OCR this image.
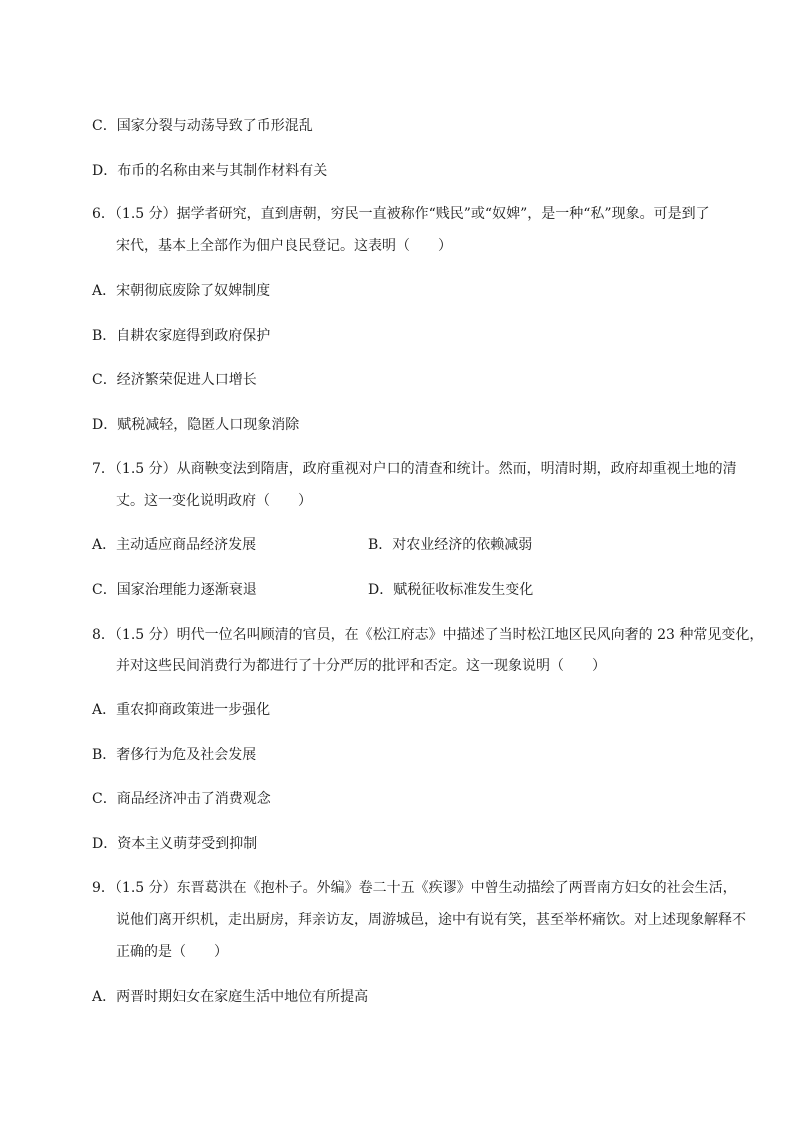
C．国家分裂与动荡导致了币形混乱
D．布币的名称由来与其制作材料有关
6．（1.5 分）据学者研究，直到唐朝，穷民一直被称作“贱民”或“奴婢”，是一种“私”现象。可是到了
宋代，基本上全部作为佃户良民登记。这表明（　　）
A．宋朝彻底废除了奴婢制度
B．自耕农家庭得到政府保护
C．经济繁荣促进人口增长
D．赋税减轻，隐匿人口现象消除
7．（1.5 分）从商鞅变法到隋唐，政府重视对户口的清查和统计。然而，明清时期，政府却重视土地的清
丈。这一变化说明政府（　　）
A．主动适应商品经济发展	B．对农业经济的依赖减弱
C．国家治理能力逐渐衰退	D．赋税征收标准发生变化
8．（1.5 分）明代一位名叫顾清的官员，在《松江府志》中描述了当时松江地区民风向奢的 23 种常见变化，
并对这些民间消费行为都进行了十分严厉的批评和否定。这一现象说明（　　）
A．重农抑商政策进一步强化
B．奢侈行为危及社会发展
C．商品经济冲击了消费观念
D．资本主义萌芽受到抑制
9．（1.5 分）东晋葛洪在《抱朴子。外编》卷二十五《疾谬》中曾生动描绘了两晋南方妇女的社会生活，
说他们离开织机，走出厨房，拜亲访友，周游城邑，途中有说有笑，甚至举杯痛饮。对上述现象解释不
正确的是（　　）
A．两晋时期妇女在家庭生活中地位有所提高
